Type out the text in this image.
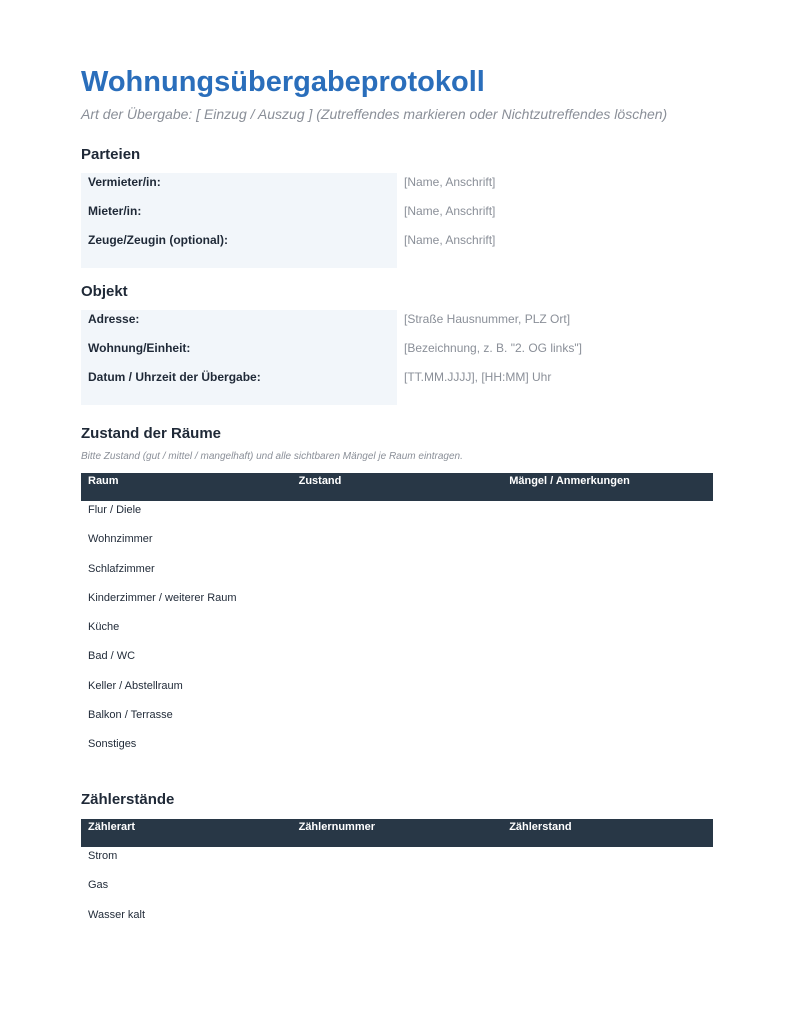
Wohnungsübergabeprotokoll

Art der Übergabe: [ Einzug / Auszug ] (Zutreffendes markieren oder Nichtzutreffendes löschen)

Parteien
Vermieter/in:	[Name, Anschrift]
Mieter/in:	[Name, Anschrift]
Zeuge/Zeugin (optional):	[Name, Anschrift]
Objekt
Adresse:	[Straße Hausnummer, PLZ Ort]
Wohnung/Einheit:	[Bezeichnung, z. B. "2. OG links"]
Datum / Uhrzeit der Übergabe:	[TT.MM.JJJJ], [HH:MM] Uhr
Zustand der Räume

Bitte Zustand (gut / mittel / mangelhaft) und alle sichtbaren Mängel je Raum eintragen.

Raum	Zustand	Mängel / Anmerkungen
Flur / Diele
Wohnzimmer
Schlafzimmer
Kinderzimmer / weiterer Raum
Küche
Bad / WC
Keller / Abstellraum
Balkon / Terrasse
Sonstiges
Zählerstände
Zählerart	Zählernummer	Zählerstand
Strom
Gas
Wasser kalt
